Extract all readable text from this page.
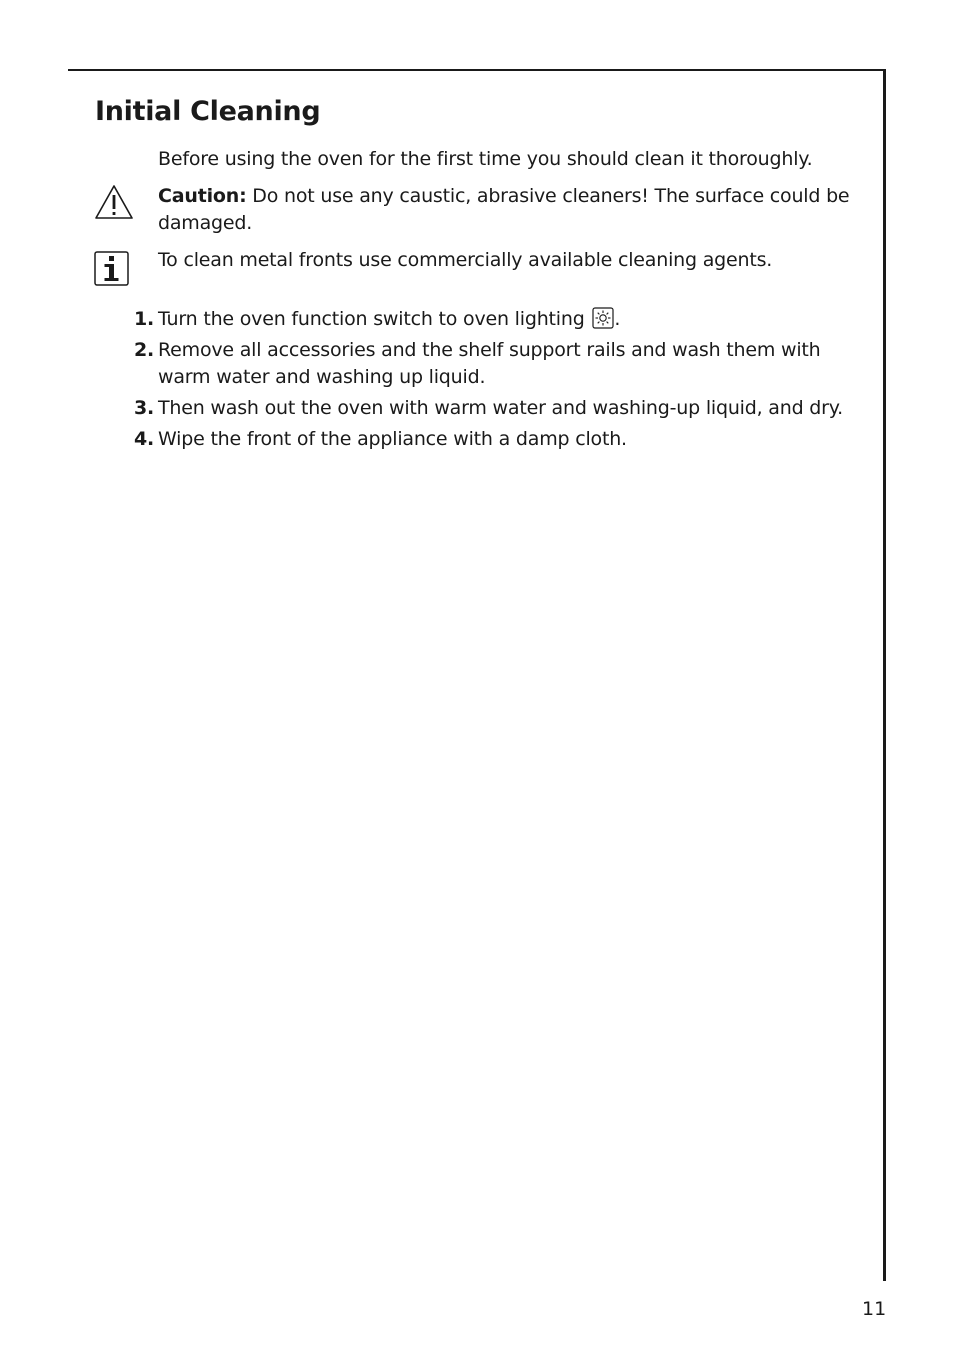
Initial Cleaning

Before using the oven for the first time you should clean it thoroughly.

Caution: Do not use any caustic, abrasive cleaners! The surface could be damaged.

To clean metal fronts use commercially available cleaning agents.

1. Turn the oven function switch to oven lighting .
2. Remove all accessories and the shelf support rails and wash them with warm water and washing up liquid.
3. Then wash out the oven with warm water and washing-up liquid, and dry.
4. Wipe the front of the appliance with a damp cloth.
11
